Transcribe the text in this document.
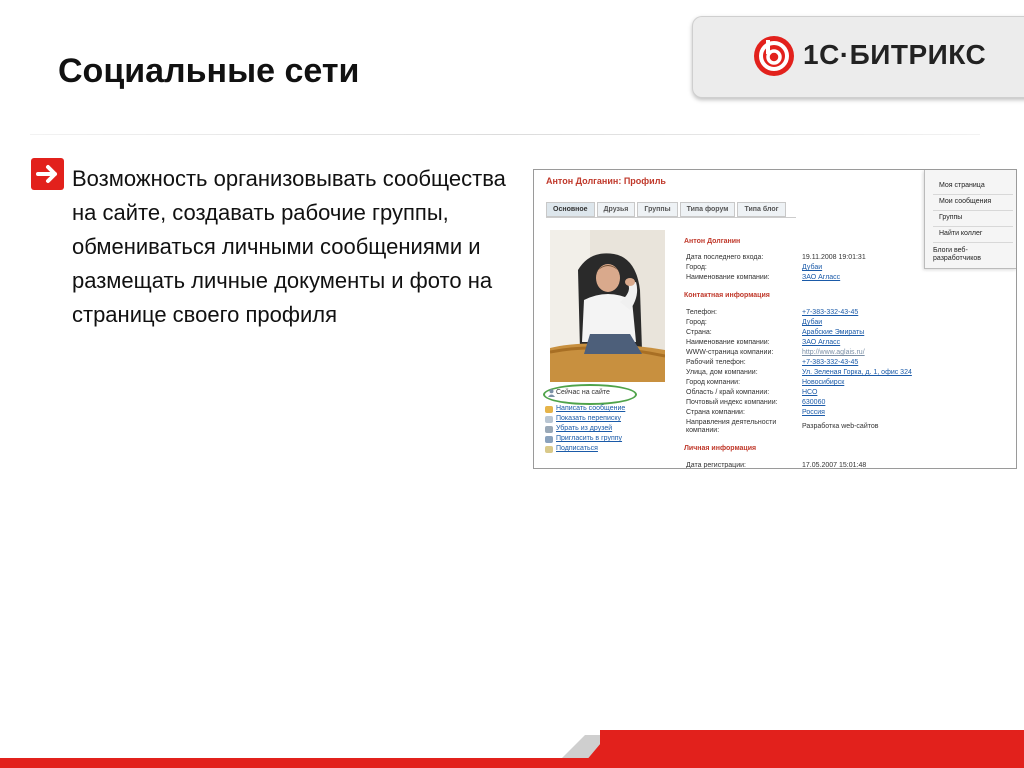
Социальные сети	1С·БИТРИКС

Возможность организовывать сообщества на сайте, создавать рабочие группы, обмениваться личными сообщениями и размещать личные документы и фото на странице своего профиля

Антон Долганин: Профиль
Основное	Друзья	Группы	Типа форум	Типа блог
Сейчас на сайте
Написать сообщение
Показать переписку
Убрать из друзей
Пригласить в группу
Подписаться
Антон Долганин
Дата последнего входа:	19.11.2008 19:01:31
Город:	Дубаи
Наименование компании:	ЗАО Агласс
Контактная информация
Телефон:	+7-383-332-43-45
Город:	Дубаи
Страна:	Арабские Эмираты
Наименование компании:	ЗАО Агласс
WWW-страница компании:	http://www.aglais.ru/
Рабочий телефон:	+7-383-332-43-45
Улица, дом компании:	Ул. Зеленая Горка, д. 1, офис 324
Город компании:	Новосибирск
Область / край компании:	НСО
Почтовый индекс компании:	630060
Страна компании:	Россия
Направления деятельности компании:
Разработка web-сайтов
Личная информация
Дата регистрации:	17.05.2007 15:01:48
Моя страница
Мои сообщения
Группы
Найти коллег
Блоги веб-разработчиков
